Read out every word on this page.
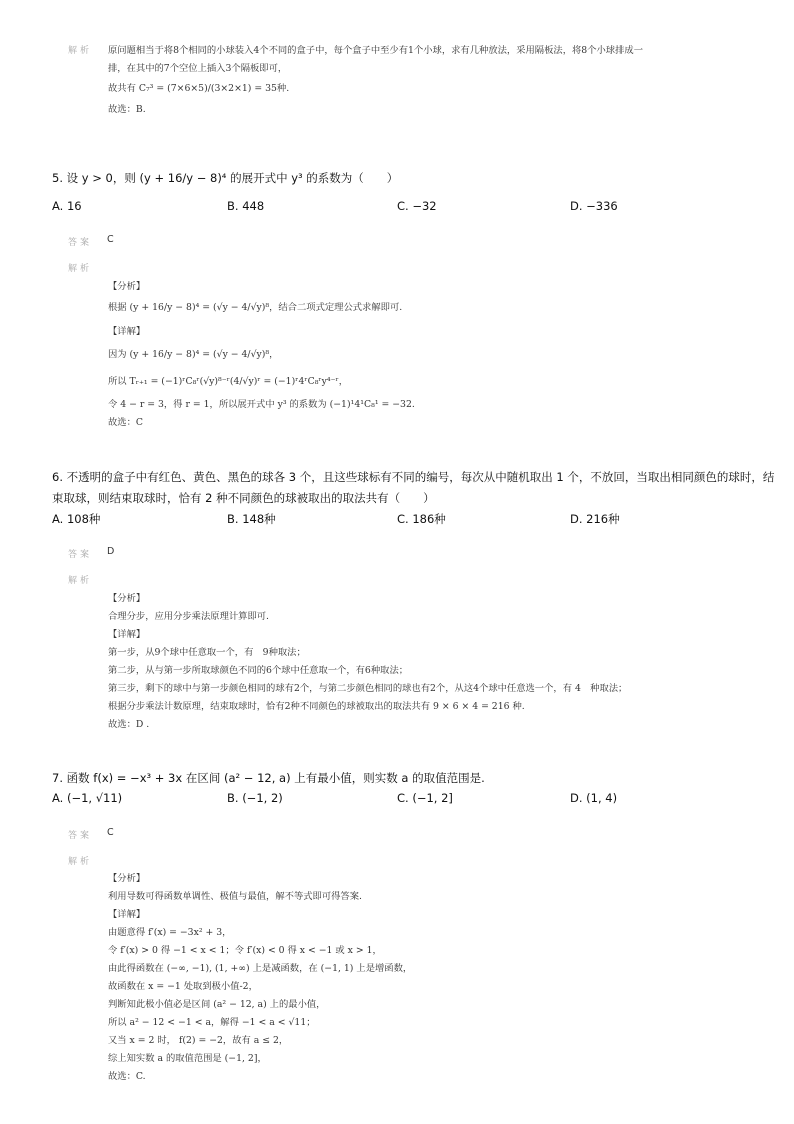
解析 原问题相当于将8个相同的小球装入4个不同的盒子中，每个盒子中至少有1个小球，求有几种放法，采用隔板法，将8个小球排成一
排，在其中的7个空位上插入3个隔板即可，
故共有 C₇³ = (7×6×5)/(3×2×1) = 35种.
故选：B.
5. 设 y > 0，则 (y + 16/y − 8)⁴ 的展开式中 y³ 的系数为（　　）
A. 16	B. 448	C. −32	D. −336
答案 C
解析
【分析】
根据 (y + 16/y − 8)⁴ = (√y − 4/√y)⁸，结合二项式定理公式求解即可.
【详解】
因为 (y + 16/y − 8)⁴ = (√y − 4/√y)⁸，
所以 Tᵣ₊₁ = (−1)ʳC₈ʳ(√y)⁸⁻ʳ(4/√y)ʳ = (−1)ʳ4ʳC₈ʳy⁴⁻ʳ，
令 4 − r = 3，得 r = 1，所以展开式中 y³ 的系数为 (−1)¹4¹C₈¹ = −32.
故选：C
6. 不透明的盒子中有红色、黄色、黑色的球各 3 个，且这些球标有不同的编号，每次从中随机取出 1 个，不放回，当取出相同颜色的球时，结
束取球，则结束取球时，恰有 2 种不同颜色的球被取出的取法共有（　　）
A. 108种	B. 148种	C. 186种	D. 216种
答案 D
解析
【分析】
合理分步，应用分步乘法原理计算即可.
【详解】
第一步，从9个球中任意取一个，有　9种取法；
第二步，从与第一步所取球颜色不同的6个球中任意取一个，有6种取法；
第三步，剩下的球中与第一步颜色相同的球有2个，与第二步颜色相同的球也有2个，从这4个球中任意选一个，有 4　种取法；
根据分步乘法计数原理，结束取球时，恰有2种不同颜色的球被取出的取法共有 9 × 6 × 4 = 216 种.
故选：D .
7. 函数 f(x) = −x³ + 3x 在区间 (a² − 12, a) 上有最小值，则实数 a 的取值范围是.
A. (−1, √11)	B. (−1, 2)	C. (−1, 2]	D. (1, 4)
答案 C
解析
【分析】
利用导数可得函数单调性、极值与最值，解不等式即可得答案.
【详解】
由题意得 f′(x) = −3x² + 3，
令 f′(x) > 0 得 −1 < x < 1；令 f′(x) < 0 得 x < −1 或 x > 1，
由此得函数在 (−∞, −1), (1, +∞) 上是减函数，在 (−1, 1) 上是增函数，
故函数在 x = −1 处取到极小值-2，
判断知此极小值必是区间 (a² − 12, a) 上的最小值，
所以 a² − 12 < −1 < a，解得 −1 < a < √11；
又当 x = 2 时， f(2) = −2，故有 a ≤ 2，
综上知实数 a 的取值范围是 (−1, 2]，
故选：C.
